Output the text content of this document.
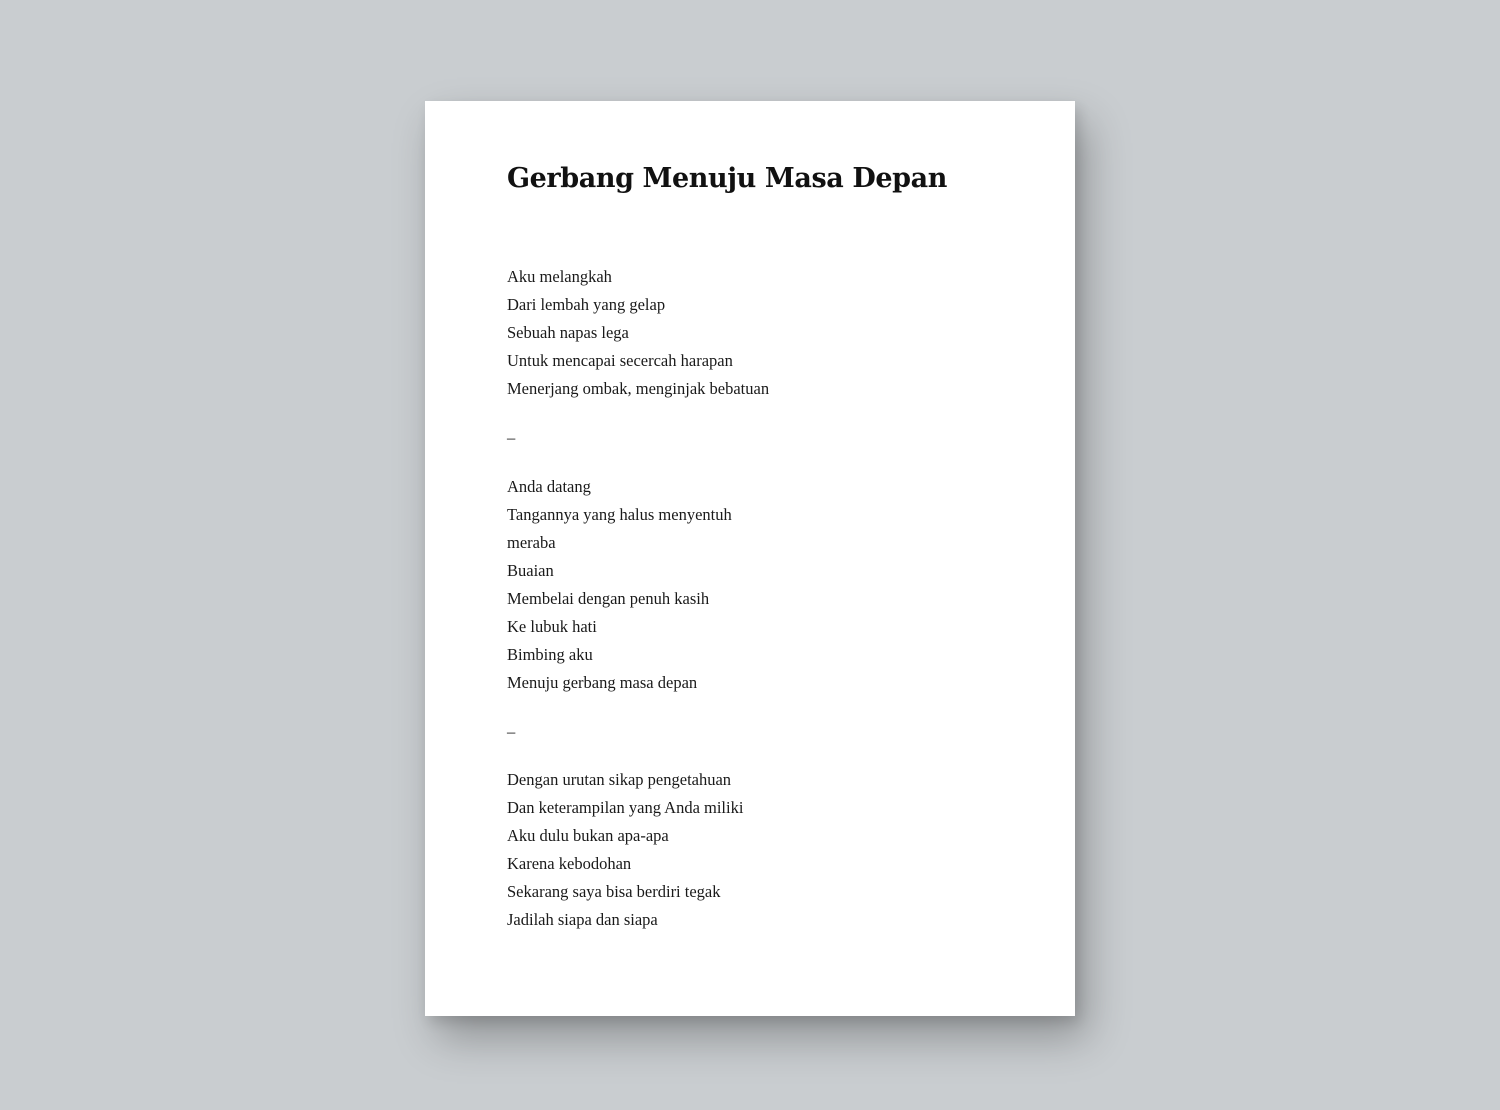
Gerbang Menuju Masa Depan
Aku melangkah
Dari lembah yang gelap
Sebuah napas lega
Untuk mencapai secercah harapan
Menerjang ombak, menginjak bebatuan
–
Anda datang
Tangannya yang halus menyentuh
meraba
Buaian
Membelai dengan penuh kasih
Ke lubuk hati
Bimbing aku
Menuju gerbang masa depan
–
Dengan urutan sikap pengetahuan
Dan keterampilan yang Anda miliki
Aku dulu bukan apa-apa
Karena kebodohan
Sekarang saya bisa berdiri tegak
Jadilah siapa dan siapa
